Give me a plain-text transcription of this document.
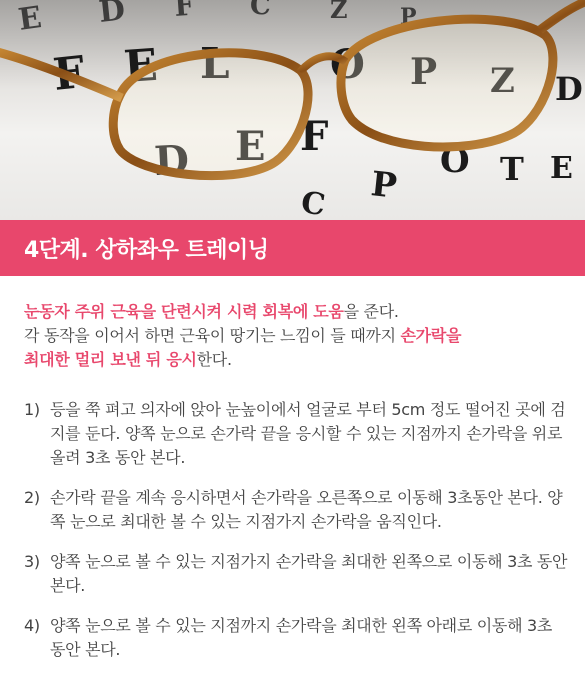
4단계. 상하좌우 트레이닝
눈동자 주위 근육을 단련시켜 시력 회복에 도움을 준다.
각 동작을 이어서 하면 근육이 땅기는 느낌이 들 때까지 손가락을
최대한 멀리 보낸 뒤 응시한다.
1) 등을 쭉 펴고 의자에 앉아 눈높이에서 얼굴로 부터 5cm 정도 떨어진 곳에 검지를 둔다. 양쪽 눈으로 손가락 끝을 응시할 수 있는 지점까지 손가락을 위로 올려 3초 동안 본다.
2) 손가락 끝을 계속 응시하면서 손가락을 오른쪽으로 이동해 3초동안 본다. 양쪽 눈으로 최대한 볼 수 있는 지점가지 손가락을 움직인다.
3) 양쪽 눈으로 볼 수 있는 지점가지 손가락을 최대한 왼쪽으로 이동해 3초 동안 본다.
4) 양쪽 눈으로 볼 수 있는 지점까지 손가락을 최대한 왼쪽 아래로 이동해 3초 동안 본다.
